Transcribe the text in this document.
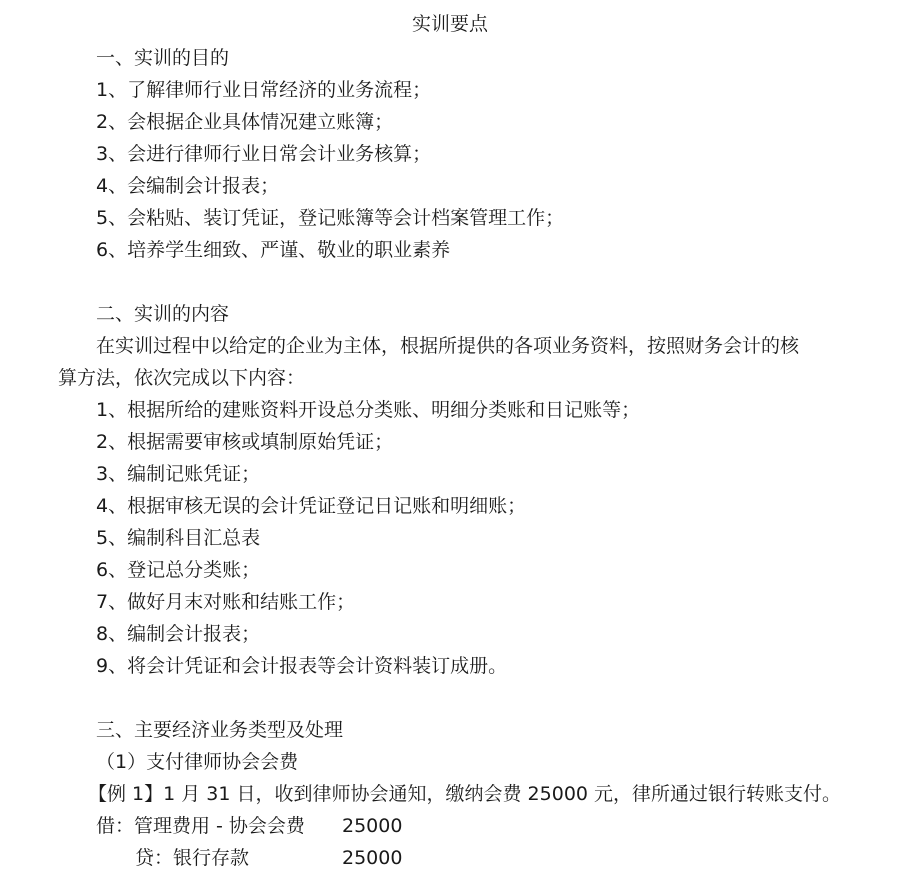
实训要点
一、实训的目的
1、了解律师行业日常经济的业务流程；
2、会根据企业具体情况建立账簿；
3、会进行律师行业日常会计业务核算；
4、会编制会计报表；
5、会粘贴、装订凭证，登记账簿等会计档案管理工作；
6、培养学生细致、严谨、敬业的职业素养
二、实训的内容
在实训过程中以给定的企业为主体，根据所提供的各项业务资料，按照财务会计的核
算方法，依次完成以下内容：
1、根据所给的建账资料开设总分类账、明细分类账和日记账等；
2、根据需要审核或填制原始凭证；
3、编制记账凭证；
4、根据审核无误的会计凭证登记日记账和明细账；
5、编制科目汇总表
6、登记总分类账；
7、做好月末对账和结账工作；
8、编制会计报表；
9、将会计凭证和会计报表等会计资料装订成册。
三、主要经济业务类型及处理
（1）支付律师协会会费
【例 1】1 月 31 日，收到律师协会通知，缴纳会费 25000 元，律所通过银行转账支付。
借：管理费用 - 协会会费 25000
贷：银行存款	25000
